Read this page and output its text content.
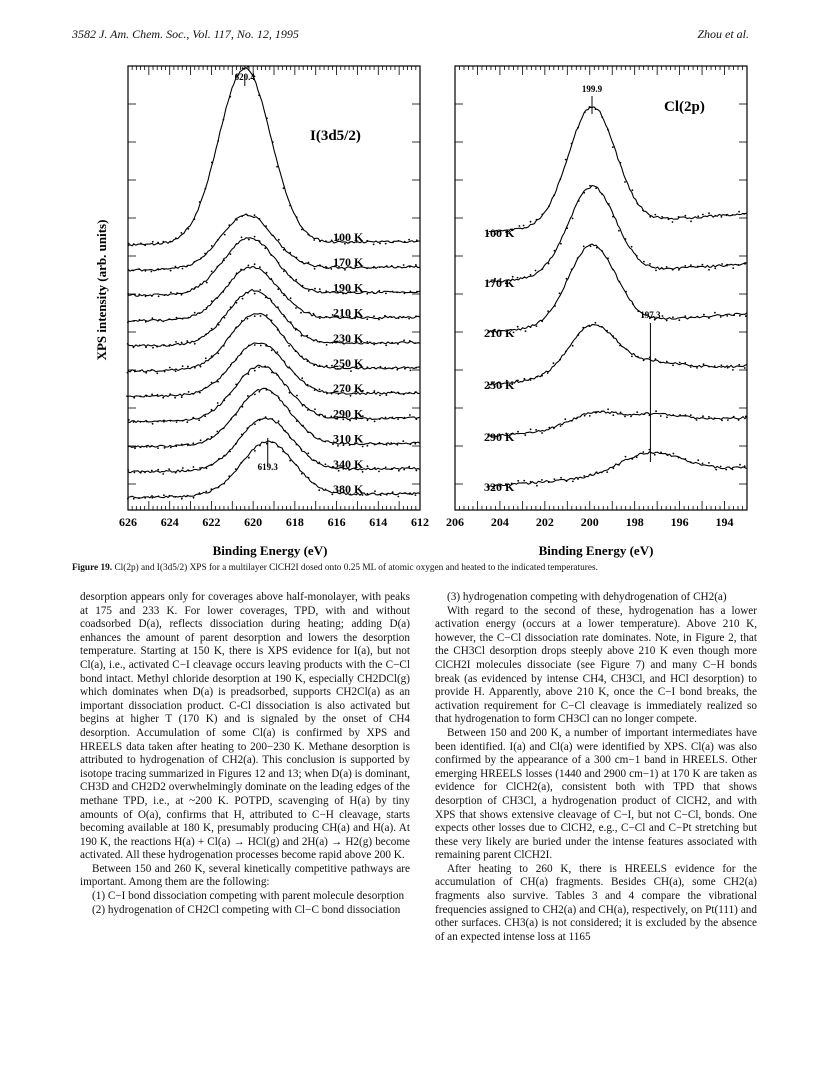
3582 J. Am. Chem. Soc., Vol. 117, No. 12, 1995	Zhou et al.
626 624 622 620 618 616 614 612
100 K
170 K
190 K
210 K
230 K
250 K
270 K
290 K
310 K
340 K
380 K
620.4
619.3
Binding Energy (eV)
XPS intensity (arb. units)
I(3d5/2)
206 204 202 200 198 196 194
100 K
170 K
210 K
250 K
290 K
320 K
199.9
197.3
Binding Energy (eV)
Cl(2p)
Figure 19. Cl(2p) and I(3d5/2) XPS for a multilayer ClCH2I dosed onto 0.25 ML of atomic oxygen and heated to the indicated temperatures.

desorption appears only for coverages above half-monolayer, with peaks at 175 and 233 K. For lower coverages, TPD, with and without coadsorbed D(a), reflects dissociation during heating; adding D(a) enhances the amount of parent desorption and lowers the desorption temperature. Starting at 150 K, there is XPS evidence for I(a), but not Cl(a), i.e., activated C−I cleavage occurs leaving products with the C−Cl bond intact. Methyl chloride desorption at 190 K, especially CH2DCl(g) which dominates when D(a) is preadsorbed, supports CH2Cl(a) as an important dissociation product. C-Cl dissociation is also activated but begins at higher T (170 K) and is signaled by the onset of CH4 desorption. Accumulation of some Cl(a) is confirmed by XPS and HREELS data taken after heating to 200−230 K. Methane desorption is attributed to hydrogenation of CH2(a). This conclusion is supported by isotope tracing summarized in Figures 12 and 13; when D(a) is dominant, CH3D and CH2D2 overwhelmingly dominate on the leading edges of the methane TPD, i.e., at ~200 K. POTPD, scavenging of H(a) by tiny amounts of O(a), confirms that H, attributed to C−H cleavage, starts becoming available at 180 K, presumably producing CH(a) and H(a). At 190 K, the reactions H(a) + Cl(a) → HCl(g) and 2H(a) → H2(g) become activated. All these hydrogenation processes become rapid above 200 K.

Between 150 and 260 K, several kinetically competitive pathways are important. Among them are the following:

(1) C−I bond dissociation competing with parent molecule desorption

(2) hydrogenation of CH2Cl competing with Cl−C bond dissociation

(3) hydrogenation competing with dehydrogenation of CH2(a)

With regard to the second of these, hydrogenation has a lower activation energy (occurs at a lower temperature). Above 210 K, however, the C−Cl dissociation rate dominates. Note, in Figure 2, that the CH3Cl desorption drops steeply above 210 K even though more ClCH2I molecules dissociate (see Figure 7) and many C−H bonds break (as evidenced by intense CH4, CH3Cl, and HCl desorption) to provide H. Apparently, above 210 K, once the C−I bond breaks, the activation requirement for C−Cl cleavage is immediately realized so that hydrogenation to form CH3Cl can no longer compete.

Between 150 and 200 K, a number of important intermediates have been identified. I(a) and Cl(a) were identified by XPS. Cl(a) was also confirmed by the appearance of a 300 cm−1 band in HREELS. Other emerging HREELS losses (1440 and 2900 cm−1) at 170 K are taken as evidence for ClCH2(a), consistent both with TPD that shows desorption of CH3Cl, a hydrogenation product of ClCH2, and with XPS that shows extensive cleavage of C−I, but not C−Cl, bonds. One expects other losses due to ClCH2, e.g., C−Cl and C−Pt stretching but these very likely are buried under the intense features associated with remaining parent ClCH2I.

After heating to 260 K, there is HREELS evidence for the accumulation of CH(a) fragments. Besides CH(a), some CH2(a) fragments also survive. Tables 3 and 4 compare the vibrational frequencies assigned to CH2(a) and CH(a), respectively, on Pt(111) and other surfaces. CH3(a) is not considered; it is excluded by the absence of an expected intense loss at 1165
